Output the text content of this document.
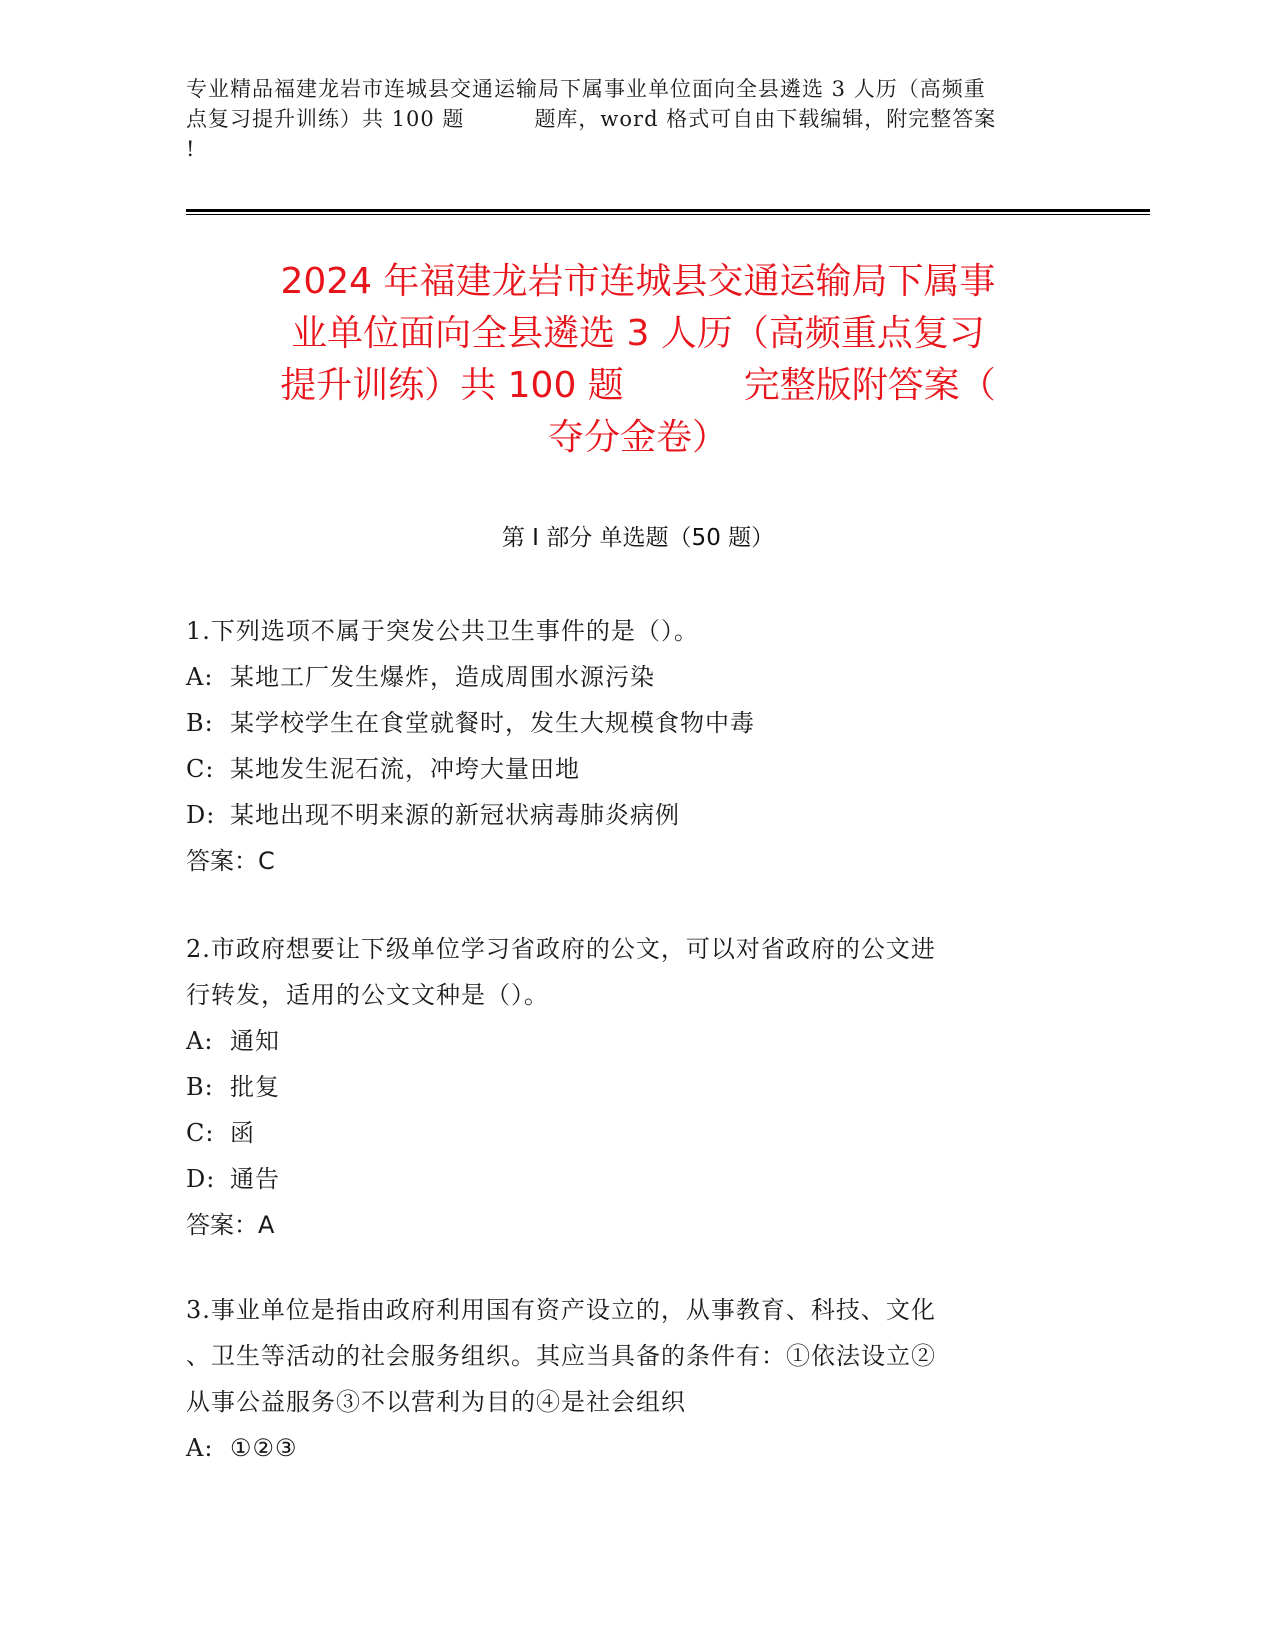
专业精品福建龙岩市连城县交通运输局下属事业单位面向全县遴选 3 人历（高频重
点复习提升训练）共 100 题	题库，word 格式可自由下载编辑，附完整答案
!
2024 年福建龙岩市连城县交通运输局下属事
业单位面向全县遴选 3 人历（高频重点复习
提升训练）共 100 题	完整版附答案（
夺分金卷）
第 I 部分 单选题（50 题）

1.下列选项不属于突发公共卫生事件的是（）。

A: 某地工厂发生爆炸，造成周围水源污染

B: 某学校学生在食堂就餐时，发生大规模食物中毒

C: 某地发生泥石流，冲垮大量田地

D: 某地出现不明来源的新冠状病毒肺炎病例

答案：C

2.市政府想要让下级单位学习省政府的公文，可以对省政府的公文进

行转发，适用的公文文种是（）。

A: 通知

B: 批复

C: 函

D: 通告

答案：A

3.事业单位是指由政府利用国有资产设立的，从事教育、科技、文化

、卫生等活动的社会服务组织。其应当具备的条件有：①依法设立②

从事公益服务③不以营利为目的④是社会组织

A: ①②③
